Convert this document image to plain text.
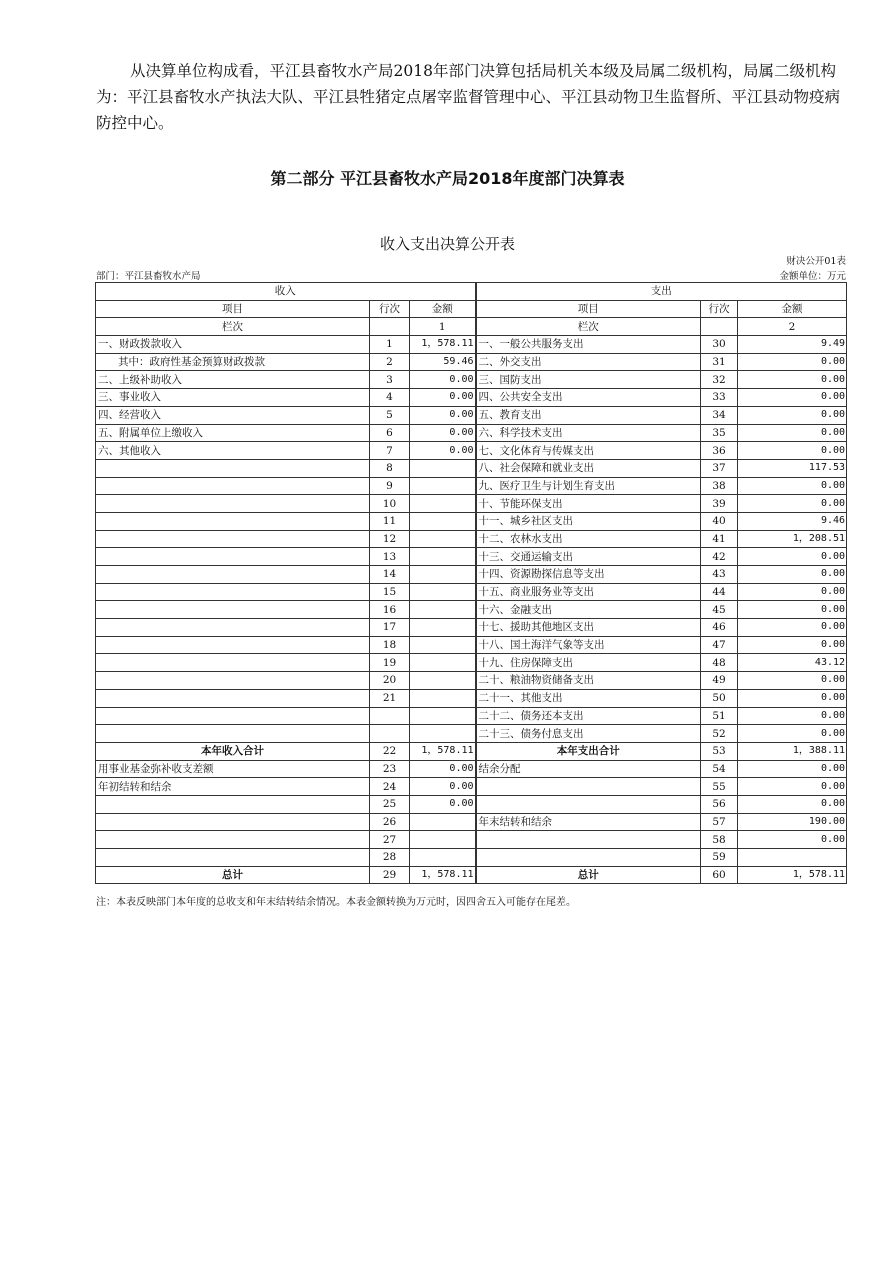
从决算单位构成看，平江县畜牧水产局2018年部门决算包括局机关本级及局属二级机构，局属二级机构为：平江县畜牧水产执法大队、平江县牲猪定点屠宰监督管理中心、平江县动物卫生监督所、平江县动物疫病防控中心。

第二部分 平江县畜牧水产局2018年度部门决算表

收入支出决算公开表

财决公开01表
部门：平江县畜牧水产局	金额单位：万元
收入			支出		
项目	行次	金额	项目	行次	金额
栏次		1	栏次		2
一、财政拨款收入	1	1，578.11	一、一般公共服务支出	30	9.49
其中：政府性基金预算财政拨款	2	59.46	二、外交支出	31	0.00
二、上级补助收入	3	0.00	三、国防支出	32	0.00
三、事业收入	4	0.00	四、公共安全支出	33	0.00
四、经营收入	5	0.00	五、教育支出	34	0.00
五、附属单位上缴收入	6	0.00	六、科学技术支出	35	0.00
六、其他收入	7	0.00	七、文化体育与传媒支出	36	0.00
	8		八、社会保障和就业支出	37	117.53
	9		九、医疗卫生与计划生育支出	38	0.00
	10		十、节能环保支出	39	0.00
	11		十一、城乡社区支出	40	9.46
	12		十二、农林水支出	41	1，208.51
	13		十三、交通运输支出	42	0.00
	14		十四、资源勘探信息等支出	43	0.00
	15		十五、商业服务业等支出	44	0.00
	16		十六、金融支出	45	0.00
	17		十七、援助其他地区支出	46	0.00
	18		十八、国土海洋气象等支出	47	0.00
	19		十九、住房保障支出	48	43.12
	20		二十、粮油物资储备支出	49	0.00
	21		二十一、其他支出	50	0.00
			二十二、债务还本支出	51	0.00
			二十三、债务付息支出	52	0.00
本年收入合计	22	1，578.11	本年支出合计	53	1，388.11
用事业基金弥补收支差额	23	0.00	结余分配	54	0.00
年初结转和结余	24	0.00		55	0.00
	25	0.00		56	0.00
	26		年末结转和结余	57	190.00
	27			58	0.00
	28			59	
总计	29	1，578.11	总计	60	1，578.11
注：本表反映部门本年度的总收支和年末结转结余情况。本表金额转换为万元时，因四舍五入可能存在尾差。
